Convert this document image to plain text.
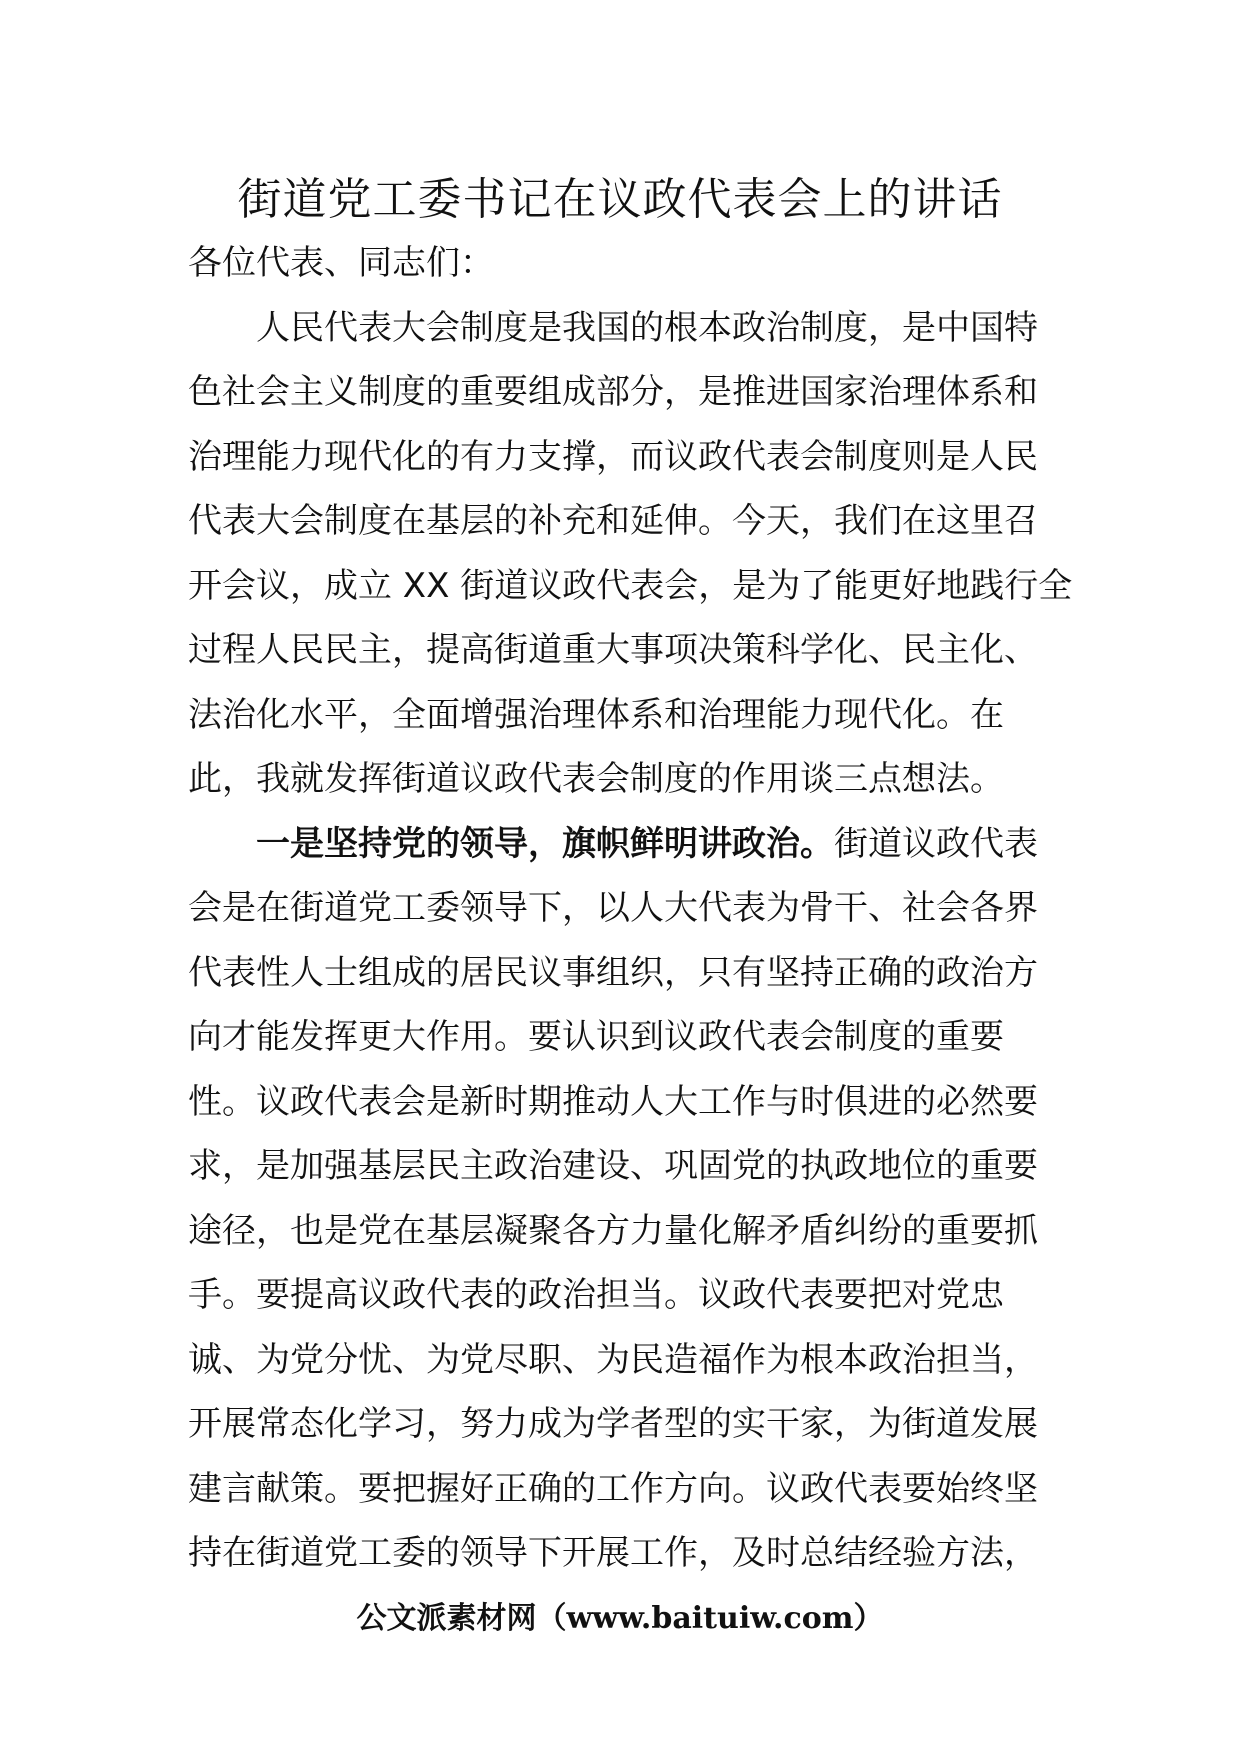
街道党工委书记在议政代表会上的讲话
各位代表、同志们：
人民代表大会制度是我国的根本政治制度，是中国特
色社会主义制度的重要组成部分，是推进国家治理体系和
治理能力现代化的有力支撑，而议政代表会制度则是人民
代表大会制度在基层的补充和延伸。今天，我们在这里召
开会议，成立 XX 街道议政代表会，是为了能更好地践行全
过程人民民主，提高街道重大事项决策科学化、民主化、
法治化水平，全面增强治理体系和治理能力现代化。在
此，我就发挥街道议政代表会制度的作用谈三点想法。
一是坚持党的领导，旗帜鲜明讲政治。街道议政代表
会是在街道党工委领导下，以人大代表为骨干、社会各界
代表性人士组成的居民议事组织，只有坚持正确的政治方
向才能发挥更大作用。要认识到议政代表会制度的重要
性。议政代表会是新时期推动人大工作与时俱进的必然要
求，是加强基层民主政治建设、巩固党的执政地位的重要
途径，也是党在基层凝聚各方力量化解矛盾纠纷的重要抓
手。要提高议政代表的政治担当。议政代表要把对党忠
诚、为党分忧、为党尽职、为民造福作为根本政治担当，
开展常态化学习，努力成为学者型的实干家，为街道发展
建言献策。要把握好正确的工作方向。议政代表要始终坚
持在街道党工委的领导下开展工作，及时总结经验方法，
公文派素材网（www.baituiw.com）
